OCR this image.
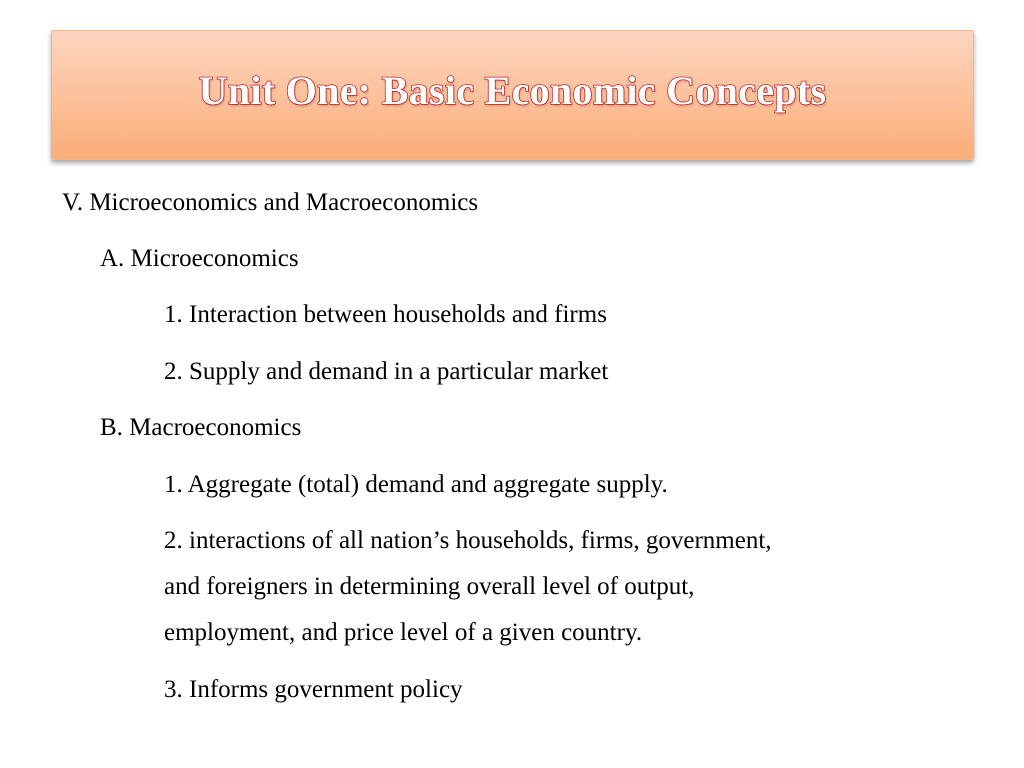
Unit One: Basic Economic Concepts
V. Microeconomics and Macroeconomics
A. Microeconomics
1. Interaction between households and firms
2. Supply and demand in a particular market
B. Macroeconomics
1. Aggregate (total) demand and aggregate supply.
2. interactions of all nation’s households, firms, government,
and foreigners in determining overall level of output,
employment, and price level of a given country.
3. Informs government policy
